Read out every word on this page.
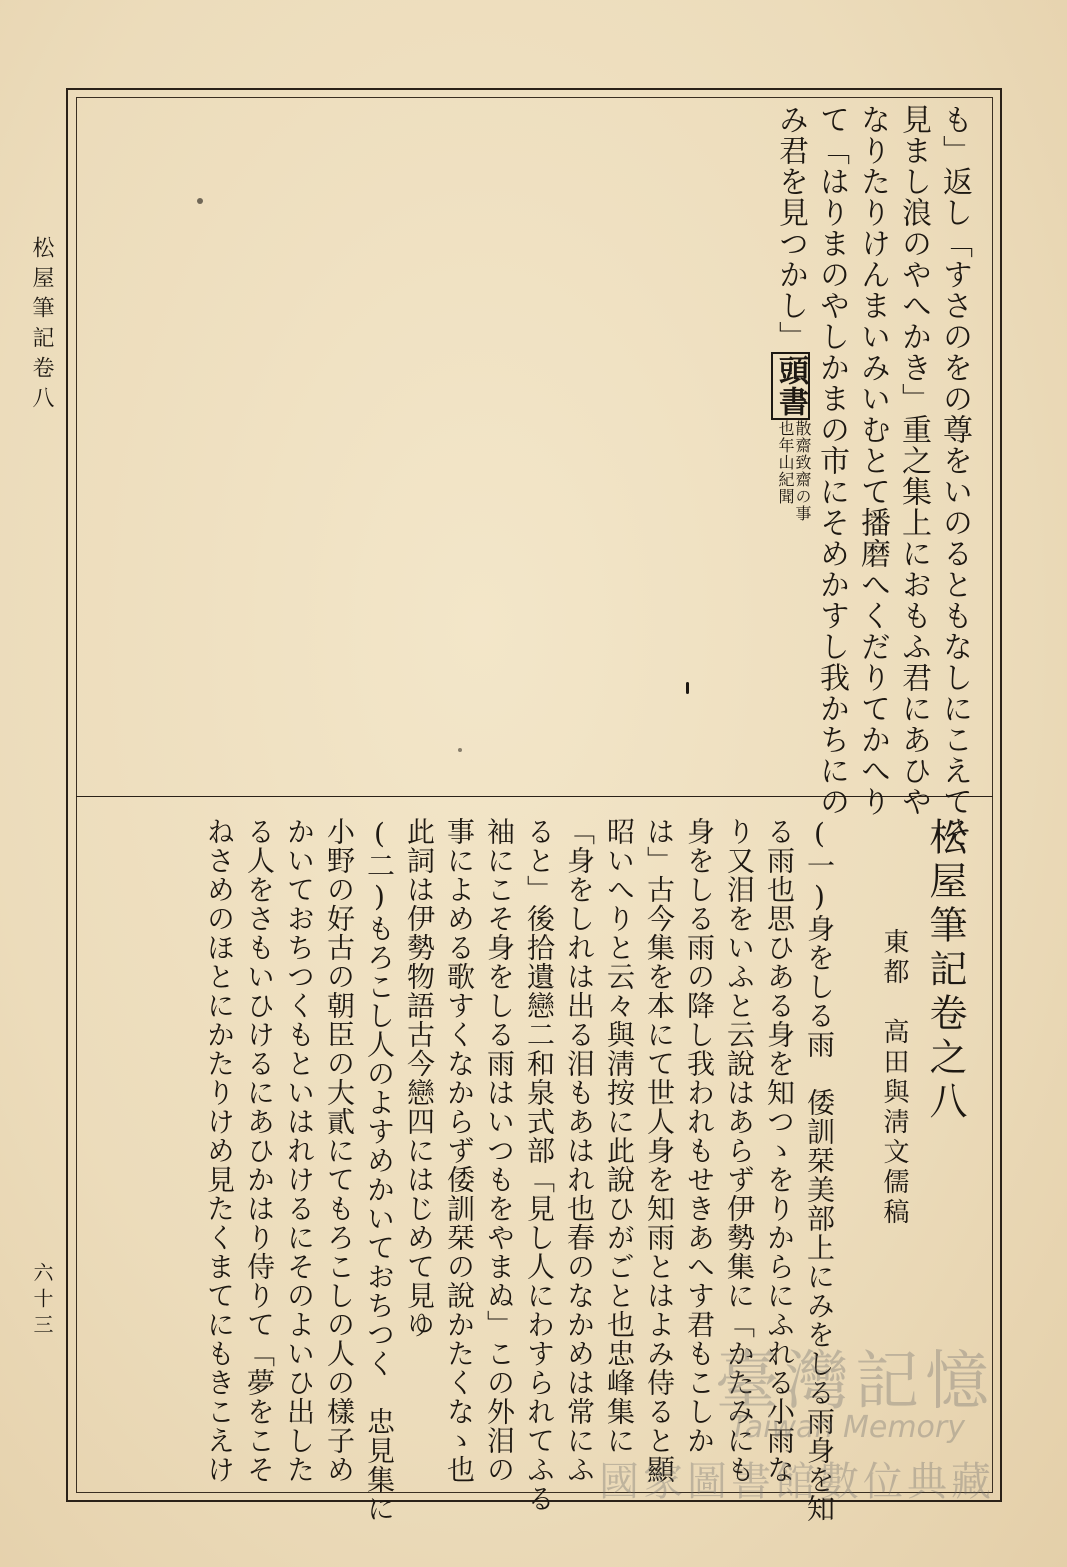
松屋筆記卷八
六十三
も」返し「すさのをの尊をいのるともなしにこえてそ
見まし浪のやへかき」重之集上におもふ君にあひや
なりたりけんまいみいむとて播磨へくだりてかへり
て「はりまのやしかまの市にそめかすし我かちにの
み君を見つかし」頭書
散齋致齋の事
也年山紀聞
松屋筆記卷之八
東都　高田與淸文儒稿
(一)身をしる雨　倭訓栞美部上にみをしる雨身を知
る雨也思ひある身を知つゝをりからにふれる小雨な
り又泪をいふと云說はあらず伊勢集に「かたみにも
身をしる雨の降し我われもせきあへす君もこしか
は」古今集を本にて世人身を知雨とはよみ侍ると顯
昭いへりと云々與淸按に此說ひがごと也忠峰集に
「身をしれは出る泪もあはれ也春のなかめは常にふ
ると」後拾遺戀二和泉式部「見し人にわすられてふる
袖にこそ身をしる雨はいつもをやまぬ」この外泪の
事によめる歌すくなからず倭訓栞の說かたくなゝ也
此詞は伊勢物語古今戀四にはじめて見ゆ
(二)もろこし人のよすめかいておちつく　忠見集に
小野の好古の朝臣の大貳にてもろこしの人の樣子め
かいておちつくもといはれけるにそのよいひ出した
る人をさもいひけるにあひかはり侍りて「夢をこそ
ねさめのほとにかたりけめ見たくまてにもきこえけ	臺灣記憶
Taiwan Memory
國家圖書館數位典藏
